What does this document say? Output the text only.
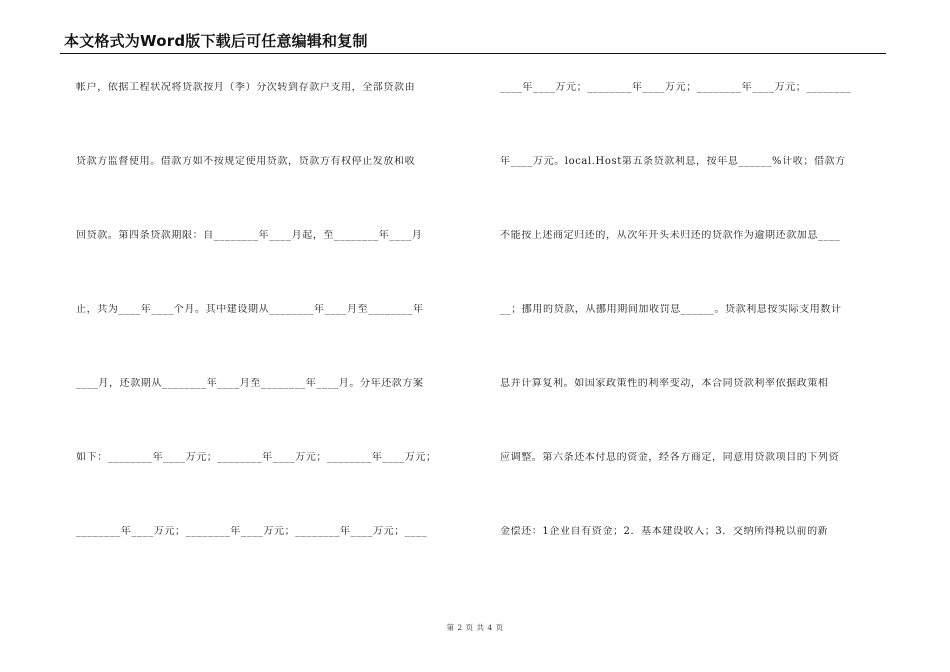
本文格式为Word版下载后可任意编辑和复制
帐户，依据工程状况将贷款按月（季）分次转到存款户支用，全部贷款由
贷款方监督使用。借款方如不按规定使用贷款，贷款方有权停止发放和收
回贷款。第四条贷款期限：自________年____月起，至________年____月
止，共为____年____个月。其中建设期从________年____月至________年
____月，还款期从________年____月至________年____月。分年还款方案
如下：________年____万元；________年____万元；________年____万元；
________年____万元；________年____万元；________年____万元；____
____年____万元；________年____万元；________年____万元；________
年____万元。local.Host第五条贷款利息，按年息______%计收；借款方
不能按上述商定归还的，从次年开头未归还的贷款作为逾期还款加息____
__；挪用的贷款，从挪用期间加收罚息______。贷款利息按实际支用数计
息并计算复利。如国家政策性的利率变动，本合同贷款利率依据政策相
应调整。第六条还本付息的资金，经各方商定，同意用贷款项目的下列资
金偿还：1企业自有资金；2．基本建设收入；3．交纳所得税以前的新
第 2 页 共 4 页
